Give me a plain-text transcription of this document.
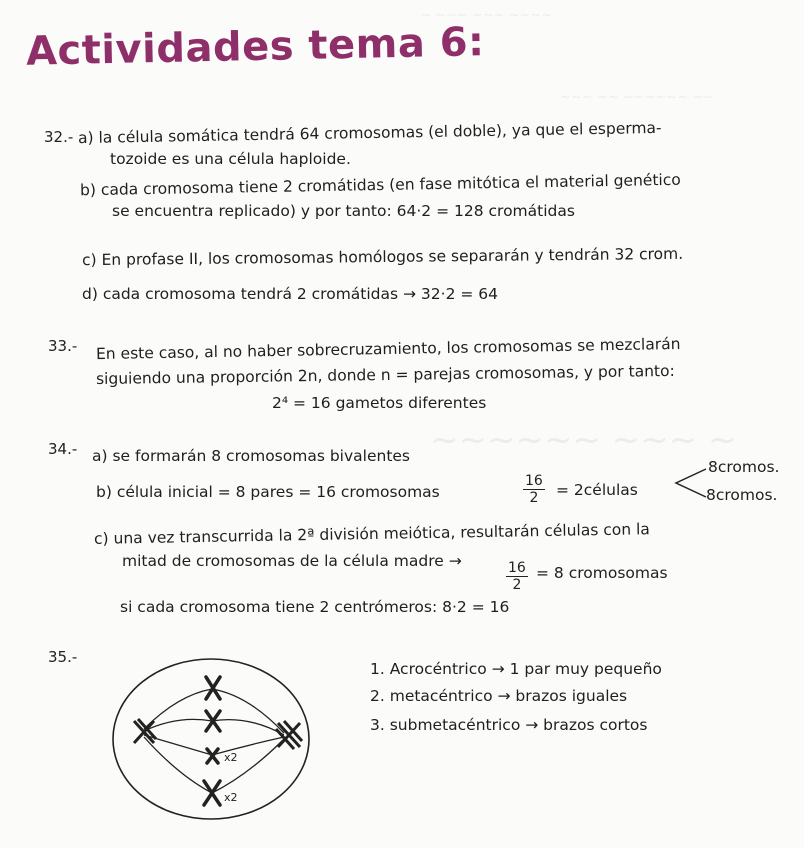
~ ~~~ ~~~ ~~~~
~~~ ~~ ~~~~~~ ~~
~~~~~~ ~~~ ~
Actividades tema 6:
32.- a) la célula somática tendrá 64 cromosomas (el doble), ya que el esperma-
tozoide es una célula haploide.
b) cada cromosoma tiene 2 cromátidas (en fase mitótica el material genético
se encuentra replicado) y por tanto: 64·2 = 128 cromátidas
c) En profase II, los cromosomas homólogos se separarán y tendrán 32 crom.
d) cada cromosoma tendrá 2 cromátidas → 32·2 = 64
33.- En este caso, al no haber sobrecruzamiento, los cromosomas se mezclarán
siguiendo una proporción 2n, donde n = parejas cromosomas, y por tanto:
2⁴ = 16 gametos diferentes
34.- a) se formarán 8 cromosomas bivalentes
b) célula inicial = 8 pares = 16 cromosomas	$\frac{16}{2}$ = 2células
8cromos.
8cromos.
c) una vez transcurrida la 2ª división meiótica, resultarán células con la
mitad de cromosomas de la célula madre →	$\frac{16}{2} = 8$ cromosomas
si cada cromosoma tiene 2 centrómeros: 8·2 = 16
35.-
x2
x2
1. Acrocéntrico → 1 par muy pequeño
2. metacéntrico → brazos iguales
3. submetacéntrico → brazos cortos
